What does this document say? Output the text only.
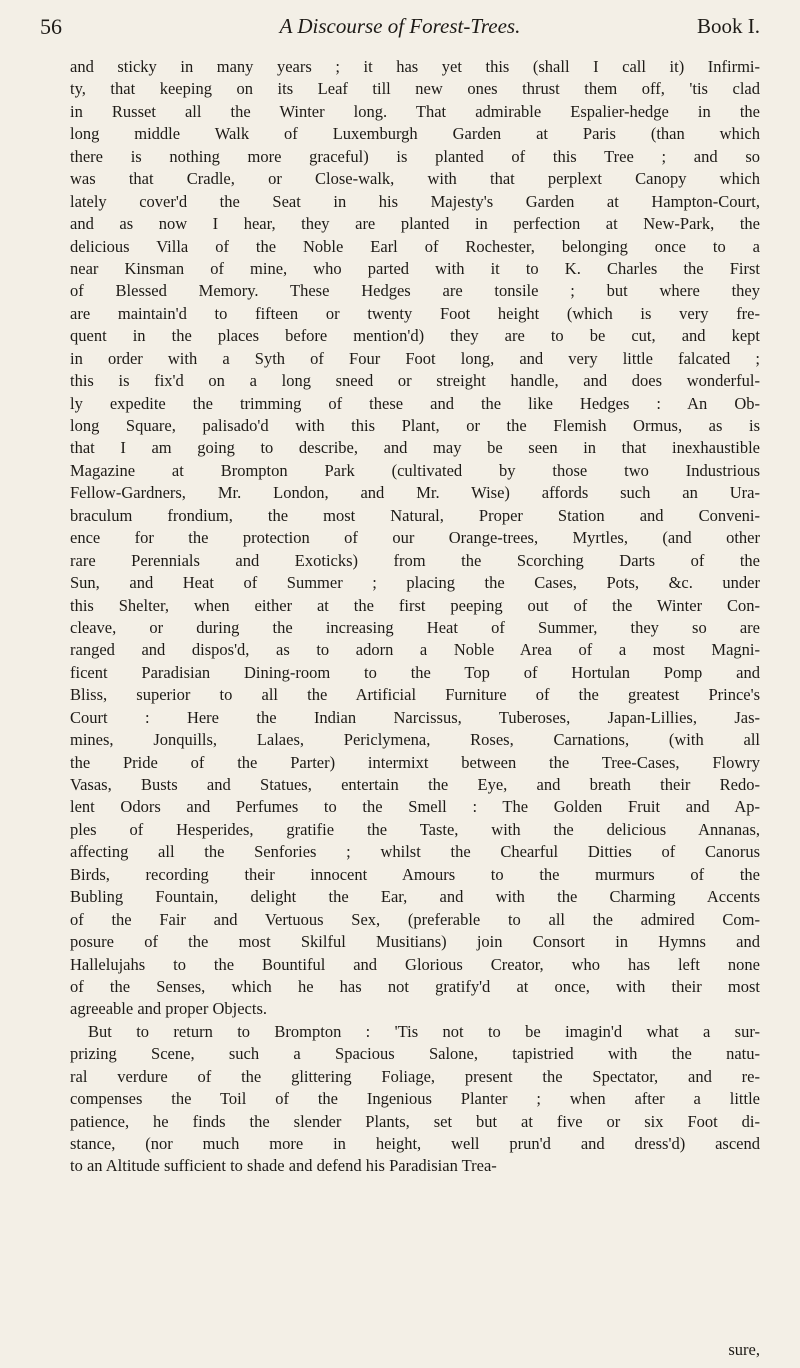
56	A Discourse of Forest-Trees.	Book I.
and sticky in many years ; it has yet this (shall I call it) Infirmi-
ty, that keeping on its Leaf till new ones thrust them off, 'tis clad
in Russet all the Winter long. That admirable Espalier-hedge in the
long middle Walk of Luxemburgh Garden at Paris (than which
there is nothing more graceful) is planted of this Tree ; and so
was that Cradle, or Close-walk, with that perplext Canopy which
lately cover'd the Seat in his Majesty's Garden at Hampton-Court,
and as now I hear, they are planted in perfection at New-Park, the
delicious Villa of the Noble Earl of Rochester, belonging once to a
near Kinsman of mine, who parted with it to K. Charles the First
of Blessed Memory. These Hedges are tonsile ; but where they
are maintain'd to fifteen or twenty Foot height (which is very fre-
quent in the places before mention'd) they are to be cut, and kept
in order with a Syth of Four Foot long, and very little falcated ;
this is fix'd on a long sneed or streight handle, and does wonderful-
ly expedite the trimming of these and the like Hedges : An Ob-
long Square, palisado'd with this Plant, or the Flemish Ormus, as is
that I am going to describe, and may be seen in that inexhaustible
Magazine at Brompton Park (cultivated by those two Industrious
Fellow-Gardners, Mr. London, and Mr. Wise) affords such an Ura-
braculum frondium, the most Natural, Proper Station and Conveni-
ence for the protection of our Orange-trees, Myrtles, (and other
rare Perennials and Exoticks) from the Scorching Darts of the
Sun, and Heat of Summer ; placing the Cases, Pots, &c. under
this Shelter, when either at the first peeping out of the Winter Con-
cleave, or during the increasing Heat of Summer, they so are
ranged and dispos'd, as to adorn a Noble Area of a most Magni-
ficent Paradisian Dining-room to the Top of Hortulan Pomp and
Bliss, superior to all the Artificial Furniture of the greatest Prince's
Court : Here the Indian Narcissus, Tuberoses, Japan-Lillies, Jas-
mines, Jonquills, Lalaes, Periclymena, Roses, Carnations, (with all
the Pride of the Parter) intermixt between the Tree-Cases, Flowry
Vasas, Busts and Statues, entertain the Eye, and breath their Redo-
lent Odors and Perfumes to the Smell : The Golden Fruit and Ap-
ples of Hesperides, gratifie the Taste, with the delicious Annanas,
affecting all the Senfories ; whilst the Chearful Ditties of Canorus
Birds, recording their innocent Amours to the murmurs of the
Bubling Fountain, delight the Ear, and with the Charming Accents
of the Fair and Vertuous Sex, (preferable to all the admired Com-
posure of the most Skilful Musitians) join Consort in Hymns and
Hallelujahs to the Bountiful and Glorious Creator, who has left none
of the Senses, which he has not gratify'd at once, with their most
agreeable and proper Objects.
But to return to Brompton : 'Tis not to be imagin'd what a sur-
prizing Scene, such a Spacious Salone, tapistried with the natu-
ral verdure of the glittering Foliage, present the Spectator, and re-
compenses the Toil of the Ingenious Planter ; when after a little
patience, he finds the slender Plants, set but at five or six Foot di-
stance, (nor much more in height, well prun'd and dress'd) ascend
to an Altitude sufficient to shade and defend his Paradisian Trea-
sure,
